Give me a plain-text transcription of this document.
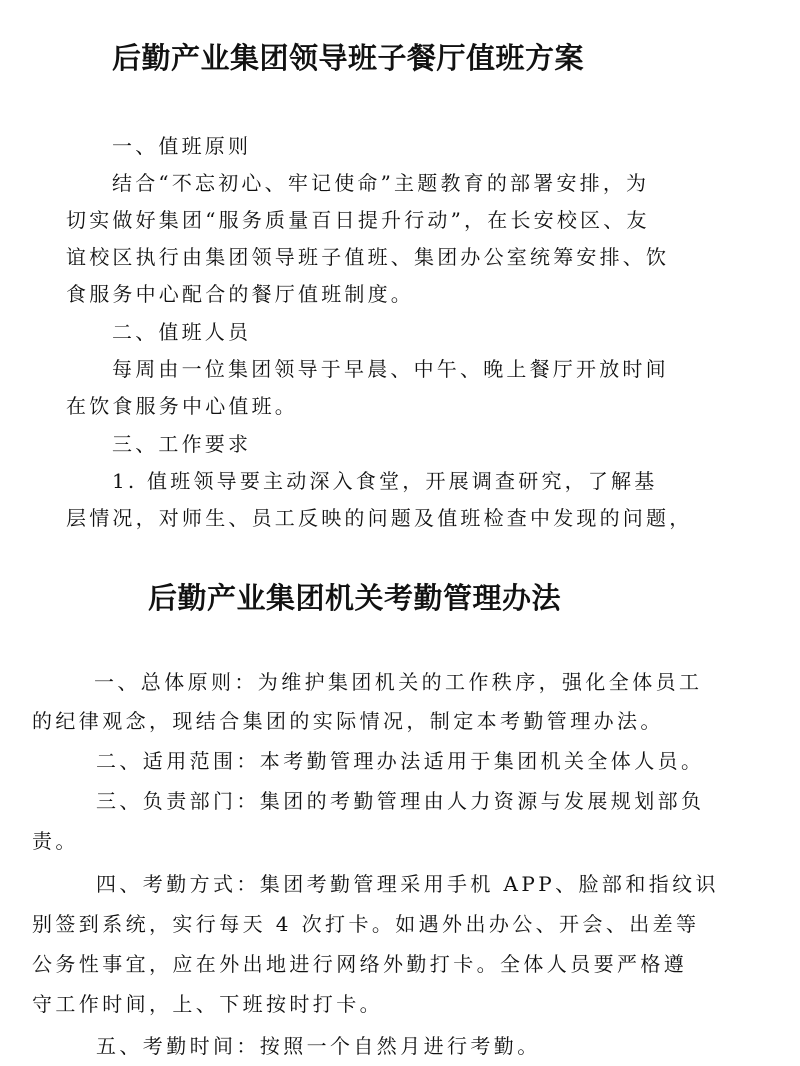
后勤产业集团领导班子餐厅值班方案
一、值班原则
结合“不忘初心、牢记使命”主题教育的部署安排，为
切实做好集团“服务质量百日提升行动”，在长安校区、友
谊校区执行由集团领导班子值班、集团办公室统筹安排、饮
食服务中心配合的餐厅值班制度。
二、值班人员
每周由一位集团领导于早晨、中午、晚上餐厅开放时间
在饮食服务中心值班。
三、工作要求
1. 值班领导要主动深入食堂，开展调查研究，了解基
层情况，对师生、员工反映的问题及值班检查中发现的问题，
后勤产业集团机关考勤管理办法
一、总体原则：为维护集团机关的工作秩序，强化全体员工
的纪律观念，现结合集团的实际情况，制定本考勤管理办法。
二、适用范围：本考勤管理办法适用于集团机关全体人员。
三、负责部门：集团的考勤管理由人力资源与发展规划部负
责。
四、考勤方式：集团考勤管理采用手机 APP、脸部和指纹识
别签到系统，实行每天 4 次打卡。如遇外出办公、开会、出差等
公务性事宜，应在外出地进行网络外勤打卡。全体人员要严格遵
守工作时间，上、下班按时打卡。
五、考勤时间：按照一个自然月进行考勤。
